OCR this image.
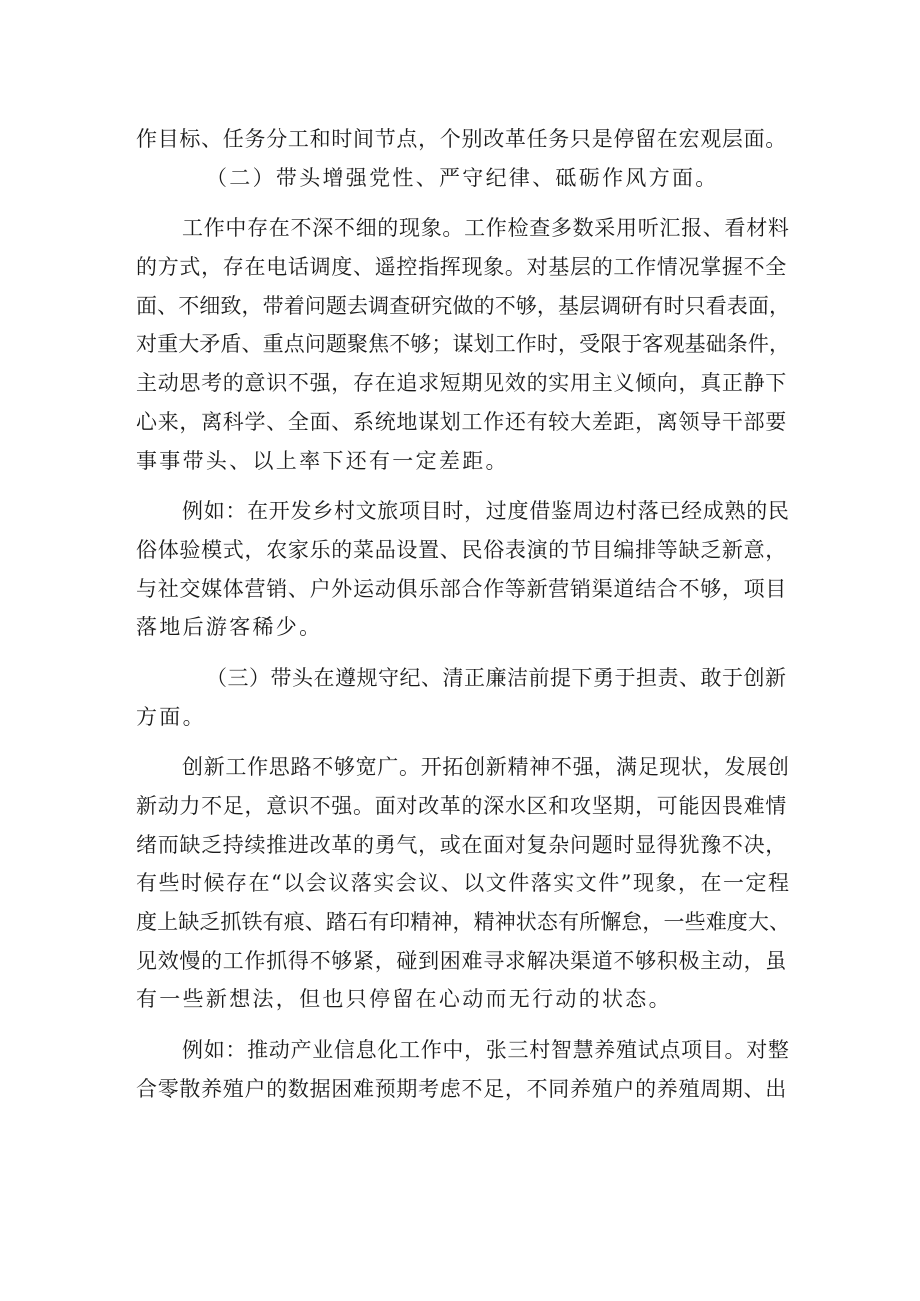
作目标、任务分工和时间节点，个别改革任务只是停留在宏观层面。
（二）带头增强党性、严守纪律、砥砺作风方面。
工作中存在不深不细的现象。工作检查多数采用听汇报、看材料
的方式，存在电话调度、遥控指挥现象。对基层的工作情况掌握不全
面、不细致，带着问题去调查研究做的不够，基层调研有时只看表面，
对重大矛盾、重点问题聚焦不够；谋划工作时，受限于客观基础条件，
主动思考的意识不强，存在追求短期见效的实用主义倾向，真正静下
心来，离科学、全面、系统地谋划工作还有较大差距，离领导干部要
事事带头、以上率下还有一定差距。
例如：在开发乡村文旅项目时，过度借鉴周边村落已经成熟的民
俗体验模式，农家乐的菜品设置、民俗表演的节目编排等缺乏新意，
与社交媒体营销、户外运动俱乐部合作等新营销渠道结合不够，项目
落地后游客稀少。
（三）带头在遵规守纪、清正廉洁前提下勇于担责、敢于创新
方面。
创新工作思路不够宽广。开拓创新精神不强，满足现状，发展创
新动力不足，意识不强。面对改革的深水区和攻坚期，可能因畏难情
绪而缺乏持续推进改革的勇气，或在面对复杂问题时显得犹豫不决，
有些时候存在“以会议落实会议、以文件落实文件”现象，在一定程
度上缺乏抓铁有痕、踏石有印精神，精神状态有所懈怠，一些难度大、
见效慢的工作抓得不够紧，碰到困难寻求解决渠道不够积极主动，虽
有一些新想法，但也只停留在心动而无行动的状态。
例如：推动产业信息化工作中，张三村智慧养殖试点项目。对整
合零散养殖户的数据困难预期考虑不足，不同养殖户的养殖周期、出
